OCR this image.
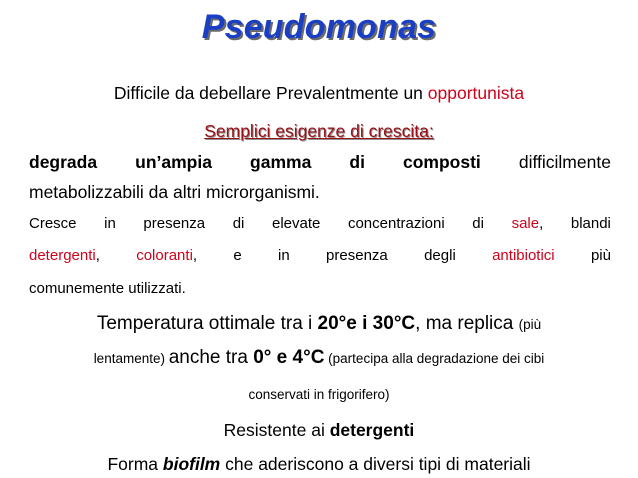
Pseudomonas
Difficile da debellare Prevalentmente un opportunista
Semplici esigenze di crescita:
degrada un’ampia gamma di composti difficilmente
metabolizzabili da altri microrganismi.
Cresce in presenza di elevate concentrazioni di sale, blandi
detergenti, coloranti, e in presenza degli antibiotici più
comunemente utilizzati.
Temperatura ottimale tra i 20°e i 30°C, ma replica (più
lentamente) anche tra 0° e 4°C (partecipa alla degradazione dei cibi
conservati in frigorifero)
Resistente ai detergenti
Forma biofilm che aderiscono a diversi tipi di materiali
